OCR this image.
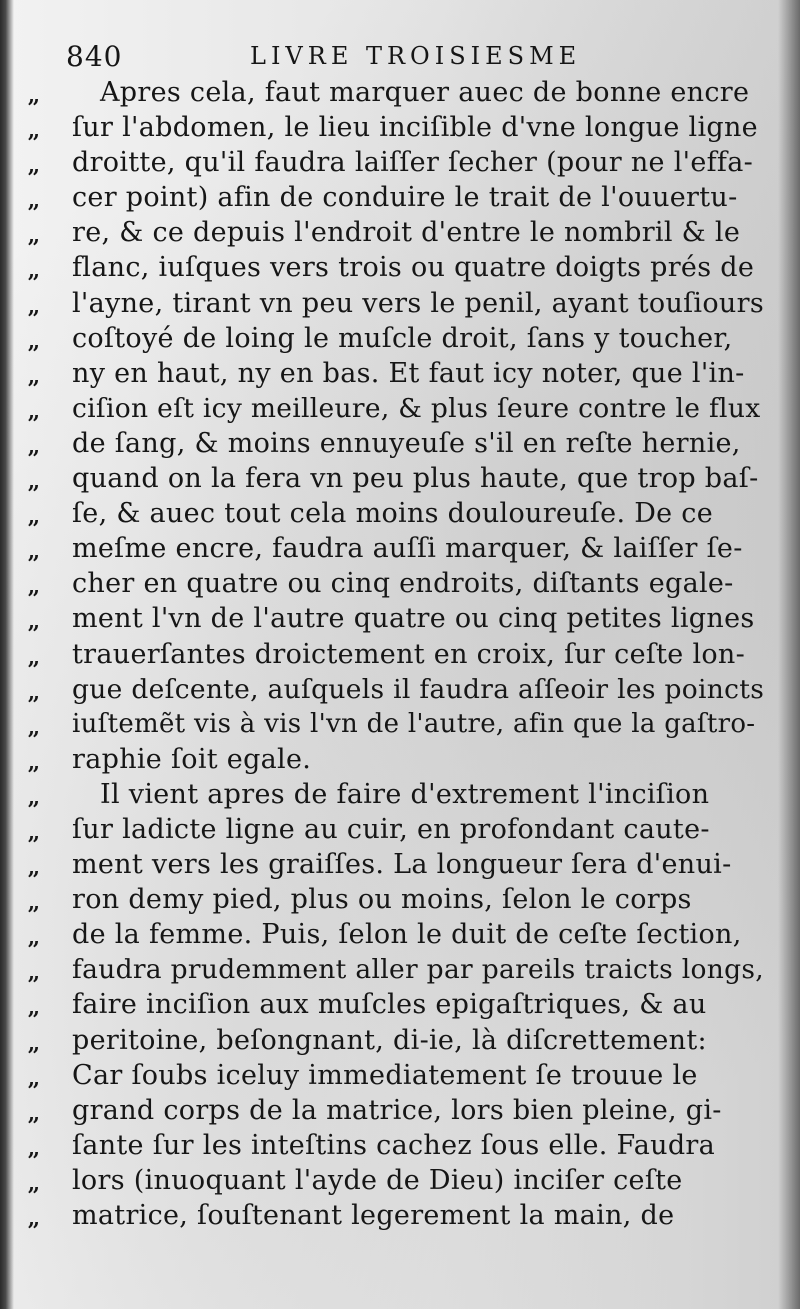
840	LIVRE TROISIESME
,, Apres cela, faut marquer auec de bonne encre
,, ſur l'abdomen, le lieu inciſible d'vne longue ligne
,, droitte, qu'il faudra laiſſer ſecher (pour ne l'effa-
,, cer point) afin de conduire le trait de l'ouuertu-
,, re, & ce depuis l'endroit d'entre le nombril & le
,, flanc, iuſques vers trois ou quatre doigts prés de
,, l'ayne, tirant vn peu vers le penil, ayant touſiours
,, coſtoyé de loing le muſcle droit, ſans y toucher,
,, ny en haut, ny en bas. Et faut icy noter, que l'in-
,, ciſion eſt icy meilleure, & plus ſeure contre le flux
,, de ſang, & moins ennuyeuſe s'il en reſte hernie,
,, quand on la fera vn peu plus haute, que trop baſ-
,, ſe, & auec tout cela moins douloureuſe. De ce
,, meſme encre, faudra auſſi marquer, & laiſſer ſe-
,, cher en quatre ou cinq endroits, diſtants egale-
,, ment l'vn de l'autre quatre ou cinq petites lignes
,, trauerſantes droictement en croix, ſur ceſte lon-
,, gue deſcente, auſquels il faudra aſſeoir les poincts
,, iuſtemẽt vis à vis l'vn de l'autre, afin que la gaſtro-
,, raphie ſoit egale.
,, Il vient apres de faire d'extrement l'inciſion
,, ſur ladicte ligne au cuir, en profondant caute-
,, ment vers les graiſſes. La longueur ſera d'enui-
,, ron demy pied, plus ou moins, ſelon le corps
,, de la femme. Puis, ſelon le duit de ceſte ſection,
,, faudra prudemment aller par pareils traicts longs,
,, faire inciſion aux muſcles epigaſtriques, & au
,, peritoine, beſongnant, di-ie, là diſcrettement:
,, Car ſoubs iceluy immediatement ſe trouue le
,, grand corps de la matrice, lors bien pleine, gi-
,, ſante ſur les inteſtins cachez ſous elle. Faudra
,, lors (inuoquant l'ayde de Dieu) inciſer ceſte
,, matrice, ſouſtenant legerement la main, de
